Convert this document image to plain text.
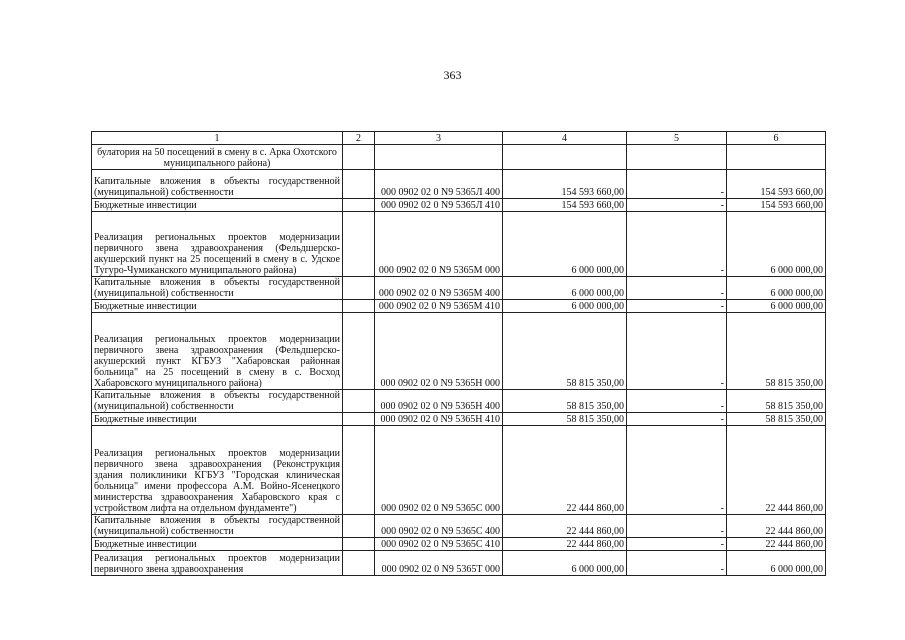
363
1	2	3	4	5	6
булатория на 50 посещений в смену в с. Арка Охотского муниципального района)					
Капитальные вложения в объекты государственной (муниципальной) собственности		000 0902 02 0 N9 5365Л 400	154 593 660,00	-	154 593 660,00
Бюджетные инвестиции		000 0902 02 0 N9 5365Л 410	154 593 660,00	-	154 593 660,00
Реализация региональных проектов модернизации первичного звена здравоохранения (Фельдшерско-акушерский пункт на 25 посещений в смену в с. Удское Тугуро-Чумиканского муниципального района)		000 0902 02 0 N9 5365М 000	6 000 000,00	-	6 000 000,00
Капитальные вложения в объекты государственной (муниципальной) собственности		000 0902 02 0 N9 5365М 400	6 000 000,00	-	6 000 000,00
Бюджетные инвестиции		000 0902 02 0 N9 5365М 410	6 000 000,00	-	6 000 000,00
Реализация региональных проектов модернизации первичного звена здравоохранения (Фельдшерско-акушерский пункт КГБУЗ "Хабаровская районная больница" на 25 посещений в смену в с. Восход Хабаровского муниципального района)		000 0902 02 0 N9 5365Н 000	58 815 350,00	-	58 815 350,00
Капитальные вложения в объекты государственной (муниципальной) собственности		000 0902 02 0 N9 5365Н 400	58 815 350,00	-	58 815 350,00
Бюджетные инвестиции		000 0902 02 0 N9 5365Н 410	58 815 350,00	-	58 815 350,00
Реализация региональных проектов модернизации первичного звена здравоохранения (Реконструкция здания поликлиники КГБУЗ "Городская клиническая больница" имени профессора А.М. Войно-Ясенецкого министерства здравоохранения Хабаровского края с устройством лифта на отдельном фундаменте")		000 0902 02 0 N9 5365С 000	22 444 860,00	-	22 444 860,00
Капитальные вложения в объекты государственной (муниципальной) собственности		000 0902 02 0 N9 5365С 400	22 444 860,00	-	22 444 860,00
Бюджетные инвестиции		000 0902 02 0 N9 5365С 410	22 444 860,00	-	22 444 860,00
Реализация региональных проектов модернизации первичного звена здравоохранения		000 0902 02 0 N9 5365Т 000	6 000 000,00	-	6 000 000,00
